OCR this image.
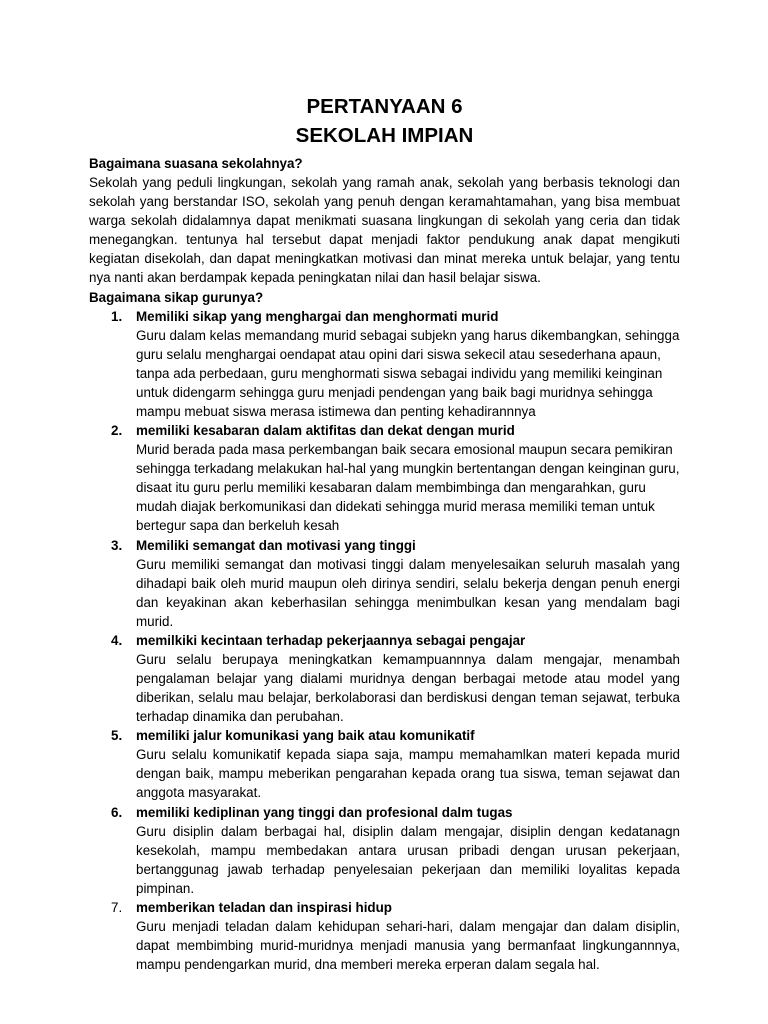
PERTANYAAN 6
SEKOLAH IMPIAN

Bagaimana suasana sekolahnya?

Sekolah yang peduli lingkungan, sekolah yang ramah anak, sekolah yang berbasis teknologi dan sekolah yang berstandar ISO, sekolah yang penuh dengan keramahtamahan, yang bisa membuat warga sekolah didalamnya dapat menikmati suasana lingkungan di sekolah yang ceria dan tidak menegangkan. tentunya hal tersebut dapat menjadi faktor pendukung anak dapat mengikuti kegiatan disekolah, dan dapat meningkatkan motivasi dan minat mereka untuk belajar, yang tentu nya nanti akan berdampak kepada peningkatan nilai dan hasil belajar siswa.

Bagaimana sikap gurunya?

1. Memiliki sikap yang menghargai dan menghormati murid

Guru dalam kelas memandang murid sebagai subjekn yang harus dikembangkan, sehingga guru selalu menghargai oendapat atau opini dari siswa sekecil atau sesederhana apaun, tanpa ada perbedaan, guru menghormati siswa sebagai individu yang memiliki keinginan untuk didengarm sehingga guru menjadi pendengan yang baik bagi muridnya sehingga mampu mebuat siswa merasa istimewa dan penting kehadirannnya

2. memiliki kesabaran dalam aktifitas dan dekat dengan murid

Murid berada pada masa perkembangan baik secara emosional maupun secara pemikiran sehingga terkadang melakukan hal-hal yang mungkin bertentangan dengan keinginan guru, disaat itu guru perlu memiliki kesabaran dalam membimbinga dan mengarahkan, guru mudah diajak berkomunikasi dan didekati sehingga murid merasa memiliki teman untuk bertegur sapa dan berkeluh kesah

3. Memiliki semangat dan motivasi yang tinggi

Guru memiliki semangat dan motivasi tinggi dalam menyelesaikan seluruh masalah yang dihadapi baik oleh murid maupun oleh dirinya sendiri, selalu bekerja dengan penuh energi dan keyakinan akan keberhasilan sehingga menimbulkan kesan yang mendalam bagi murid.

4. memilkiki kecintaan terhadap pekerjaannya sebagai pengajar

Guru selalu berupaya meningkatkan kemampuannnya dalam mengajar, menambah pengalaman belajar yang dialami muridnya dengan berbagai metode atau model yang diberikan, selalu mau belajar, berkolaborasi dan berdiskusi dengan teman sejawat, terbuka terhadap dinamika dan perubahan.

5. memiliki jalur komunikasi yang baik atau komunikatif

Guru selalu komunikatif kepada siapa saja, mampu memahamlkan materi kepada murid dengan baik, mampu meberikan pengarahan kepada orang tua siswa, teman sejawat dan anggota masyarakat.

6. memiliki kediplinan yang tinggi dan profesional dalm tugas

Guru disiplin dalam berbagai hal, disiplin dalam mengajar, disiplin dengan kedatanagn kesekolah, mampu membedakan antara urusan pribadi dengan urusan pekerjaan, bertanggunag jawab terhadap penyelesaian pekerjaan dan memiliki loyalitas kepada pimpinan.

7. memberikan teladan dan inspirasi hidup

Guru menjadi teladan dalam kehidupan sehari-hari, dalam mengajar dan dalam disiplin, dapat membimbing murid-muridnya menjadi manusia yang bermanfaat lingkungannnya, mampu pendengarkan murid, dna memberi mereka erperan dalam segala hal.
